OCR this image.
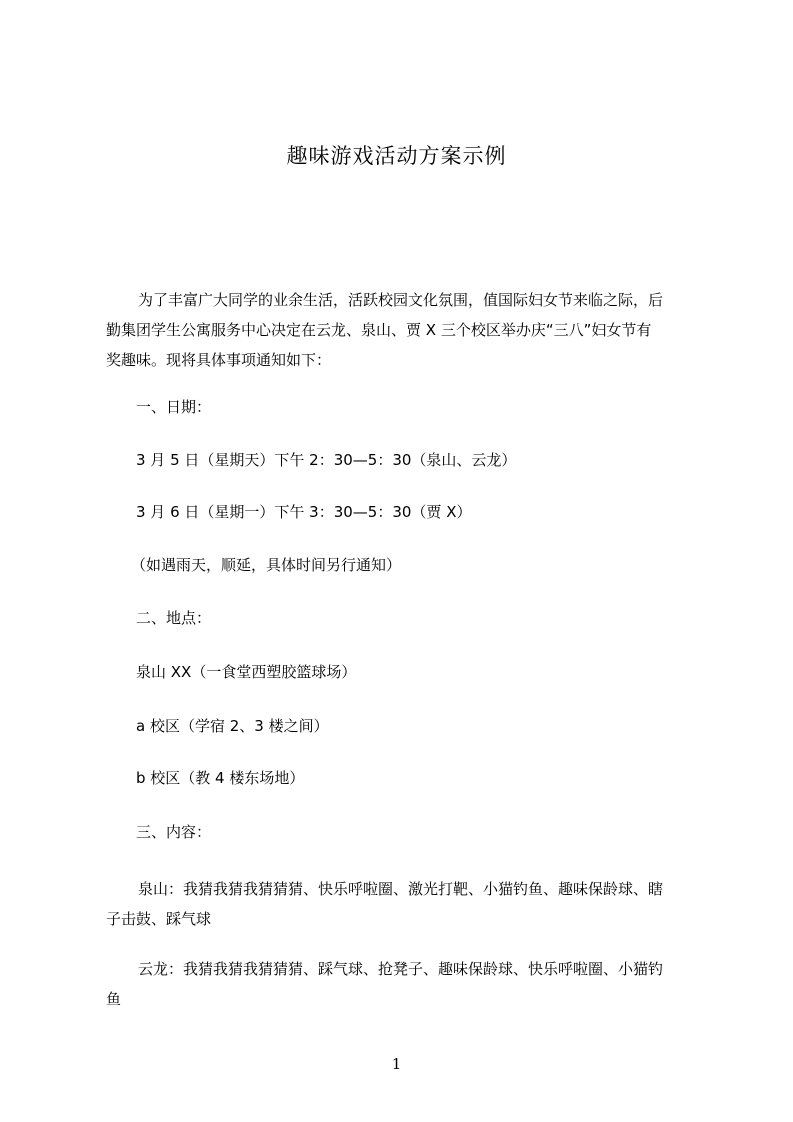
趣味游戏活动方案示例
为了丰富广大同学的业余生活，活跃校园文化氛围，值国际妇女节来临之际，后
勤集团学生公寓服务中心决定在云龙、泉山、贾 X 三个校区举办庆“三八”妇女节有
奖趣味。现将具体事项通知如下：
一、日期：
3 月 5 日（星期天）下午 2：30—5：30（泉山、云龙）
3 月 6 日（星期一）下午 3：30—5：30（贾 X）
（如遇雨天，顺延，具体时间另行通知）
二、地点：
泉山 XX（一食堂西塑胶篮球场）
a 校区（学宿 2、3 楼之间）
b 校区（教 4 楼东场地）
三、内容：
泉山：我猜我猜我猜猜猜、快乐呼啦圈、激光打靶、小猫钓鱼、趣味保龄球、瞎
子击鼓、踩气球
云龙：我猜我猜我猜猜猜、踩气球、抢凳子、趣味保龄球、快乐呼啦圈、小猫钓
鱼
1
